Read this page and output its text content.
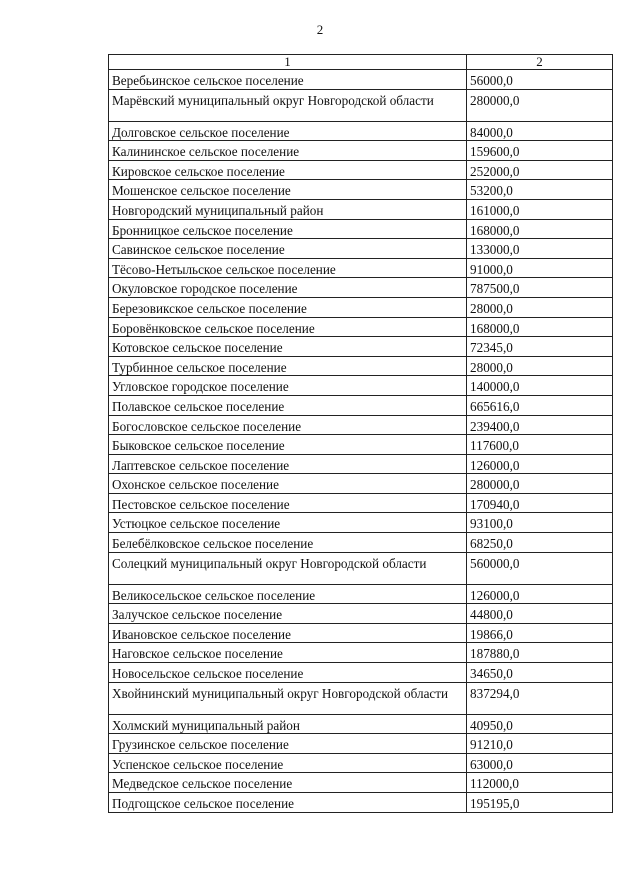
2
1	2
Веребьинское сельское поселение	56000,0
Марёвский муниципальный округ Новгородской области	280000,0
Долговское сельское поселение	84000,0
Калининское сельское поселение	159600,0
Кировское сельское поселение	252000,0
Мошенское сельское поселение	53200,0
Новгородский муниципальный район	161000,0
Бронницкое сельское поселение	168000,0
Савинское сельское поселение	133000,0
Тёсово-Нетыльское сельское поселение	91000,0
Окуловское городское поселение	787500,0
Березовикское сельское поселение	28000,0
Боровёнковское сельское поселение	168000,0
Котовское сельское поселение	72345,0
Турбинное сельское поселение	28000,0
Угловское городское поселение	140000,0
Полавское сельское поселение	665616,0
Богословское сельское поселение	239400,0
Быковское сельское поселение	117600,0
Лаптевское сельское поселение	126000,0
Охонское сельское поселение	280000,0
Пестовское сельское поселение	170940,0
Устюцкое сельское поселение	93100,0
Белебёлковское сельское поселение	68250,0
Солецкий муниципальный округ Новгородской области	560000,0
Великосельское сельское поселение	126000,0
Залучское сельское поселение	44800,0
Ивановское сельское поселение	19866,0
Наговское сельское поселение	187880,0
Новосельское сельское поселение	34650,0
Хвойнинский муниципальный округ Новгородской области	837294,0
Холмский муниципальный район	40950,0
Грузинское сельское поселение	91210,0
Успенское сельское поселение	63000,0
Медведское сельское поселение	112000,0
Подгощское сельское поселение	195195,0
